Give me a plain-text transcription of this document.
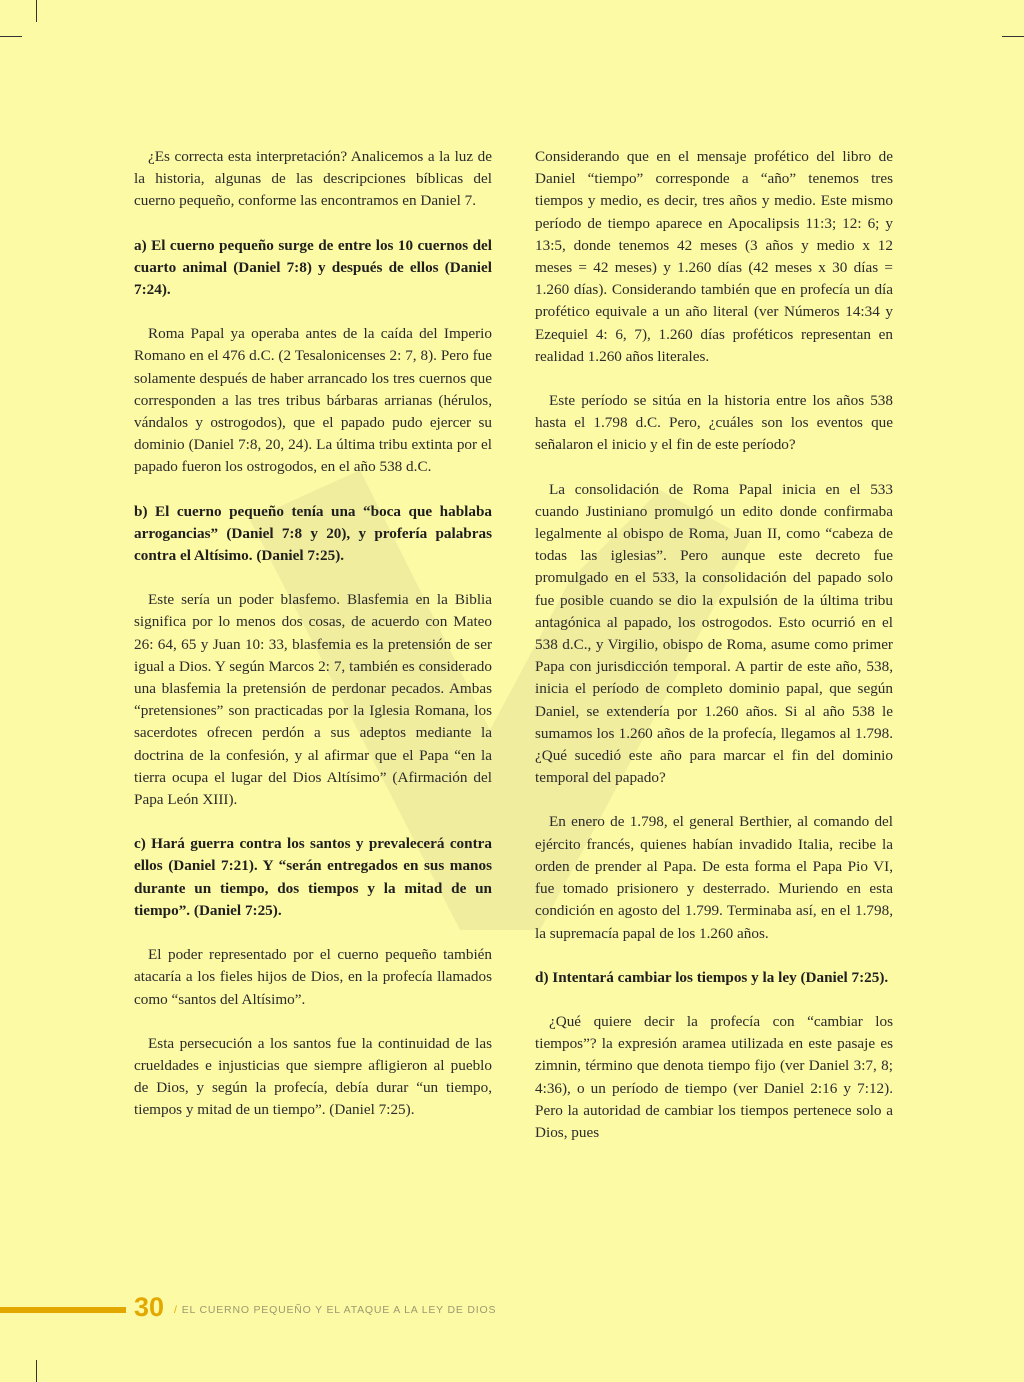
¿Es correcta esta interpretación? Analicemos a la luz de la historia, algunas de las descripciones bíblicas del cuerno pequeño, conforme las encontramos en Daniel 7.

a) El cuerno pequeño surge de entre los 10 cuernos del cuarto animal (Daniel 7:8) y después de ellos (Daniel 7:24).

Roma Papal ya operaba antes de la caída del Imperio Romano en el 476 d.C. (2 Tesalonicenses 2: 7, 8). Pero fue solamente después de haber arrancado los tres cuernos que corresponden a las tres tribus bárbaras arrianas (hérulos, vándalos y ostrogodos), que el papado pudo ejercer su dominio (Daniel 7:8, 20, 24). La última tribu extinta por el papado fueron los ostrogodos, en el año 538 d.C.

b) El cuerno pequeño tenía una “boca que hablaba arrogancias” (Daniel 7:8 y 20), y profería palabras contra el Altísimo. (Daniel 7:25).

Este sería un poder blasfemo. Blasfemia en la Biblia significa por lo menos dos cosas, de acuerdo con Mateo 26: 64, 65 y Juan 10: 33, blasfemia es la pretensión de ser igual a Dios. Y según Marcos 2: 7, también es considerado una blasfemia la pretensión de perdonar pecados. Ambas “pretensiones” son practicadas por la Iglesia Romana, los sacerdotes ofrecen perdón a sus adeptos mediante la doctrina de la confesión, y al afirmar que el Papa “en la tierra ocupa el lugar del Dios Altísimo” (Afirmación del Papa León XIII).

c) Hará guerra contra los santos y prevalecerá contra ellos (Daniel 7:21). Y “serán entregados en sus manos durante un tiempo, dos tiempos y la mitad de un tiempo”. (Daniel 7:25).

El poder representado por el cuerno pequeño también atacaría a los fieles hijos de Dios, en la profecía llamados como “santos del Altísimo”.

Esta persecución a los santos fue la continuidad de las crueldades e injusticias que siempre afligieron al pueblo de Dios, y según la profecía, debía durar “un tiempo, tiempos y mitad de un tiempo”. (Daniel 7:25).

Considerando que en el mensaje profético del libro de Daniel “tiempo” corresponde a “año” tenemos tres tiempos y medio, es decir, tres años y medio. Este mismo período de tiempo aparece en Apocalipsis 11:3; 12: 6; y 13:5, donde tenemos 42 meses (3 años y medio x 12 meses = 42 meses) y 1.260 días (42 meses x 30 días = 1.260 días). Considerando también que en profecía un día profético equivale a un año literal (ver Números 14:34 y Ezequiel 4: 6, 7), 1.260 días proféticos representan en realidad 1.260 años literales.

Este período se sitúa en la historia entre los años 538 hasta el 1.798 d.C. Pero, ¿cuáles son los eventos que señalaron el inicio y el fin de este período?

La consolidación de Roma Papal inicia en el 533 cuando Justiniano promulgó un edito donde confirmaba legalmente al obispo de Roma, Juan II, como “cabeza de todas las iglesias”. Pero aunque este decreto fue promulgado en el 533, la consolidación del papado solo fue posible cuando se dio la expulsión de la última tribu antagónica al papado, los ostrogodos. Esto ocurrió en el 538 d.C., y Virgilio, obispo de Roma, asume como primer Papa con jurisdicción temporal. A partir de este año, 538, inicia el período de completo dominio papal, que según Daniel, se extendería por 1.260 años. Si al año 538 le sumamos los 1.260 años de la profecía, llegamos al 1.798. ¿Qué sucedió este año para marcar el fin del dominio temporal del papado?

En enero de 1.798, el general Berthier, al comando del ejército francés, quienes habían invadido Italia, recibe la orden de prender al Papa. De esta forma el Papa Pio VI, fue tomado prisionero y desterrado. Muriendo en esta condición en agosto del 1.799. Terminaba así, en el 1.798, la supremacía papal de los 1.260 años.

d) Intentará cambiar los tiempos y la ley (Daniel 7:25).

¿Qué quiere decir la profecía con “cambiar los tiempos”? la expresión aramea utilizada en este pasaje es zimnin, término que denota tiempo fijo (ver Daniel 3:7, 8; 4:36), o un período de tiempo (ver Daniel 2:16 y 7:12). Pero la autoridad de cambiar los tiempos pertenece solo a Dios, pues

30 / EL CUERNO PEQUEÑO Y EL ATAQUE A LA LEY DE DIOS
